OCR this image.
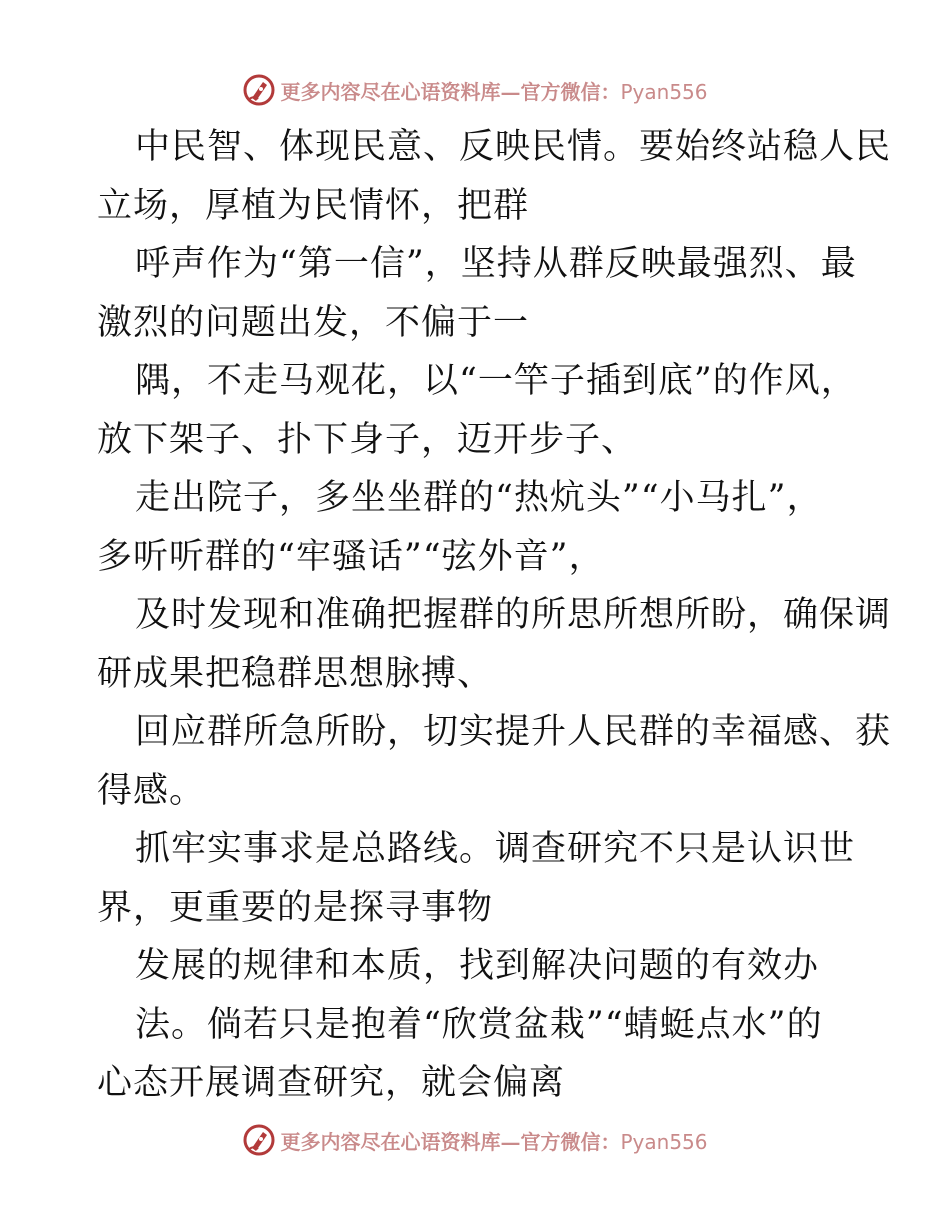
更多内容尽在心语资料库—官方微信：Pyan556
中民智、体现民意、反映民情。要始终站稳人民
立场，厚植为民情怀，把群
呼声作为“第一信”，坚持从群反映最强烈、最
激烈的问题出发，不偏于一
隅，不走马观花，以“一竿子插到底”的作风，
放下架子、扑下身子，迈开步子、
走出院子，多坐坐群的“热炕头”“小马扎”，
多听听群的“牢骚话”“弦外音”，
及时发现和准确把握群的所思所想所盼，确保调
研成果把稳群思想脉搏、
回应群所急所盼，切实提升人民群的幸福感、获
得感。
抓牢实事求是总路线。调查研究不只是认识世
界，更重要的是探寻事物
发展的规律和本质，找到解决问题的有效办
法。倘若只是抱着“欣赏盆栽”“蜻蜓点水”的
心态开展调查研究，就会偏离
更多内容尽在心语资料库—官方微信：Pyan556
